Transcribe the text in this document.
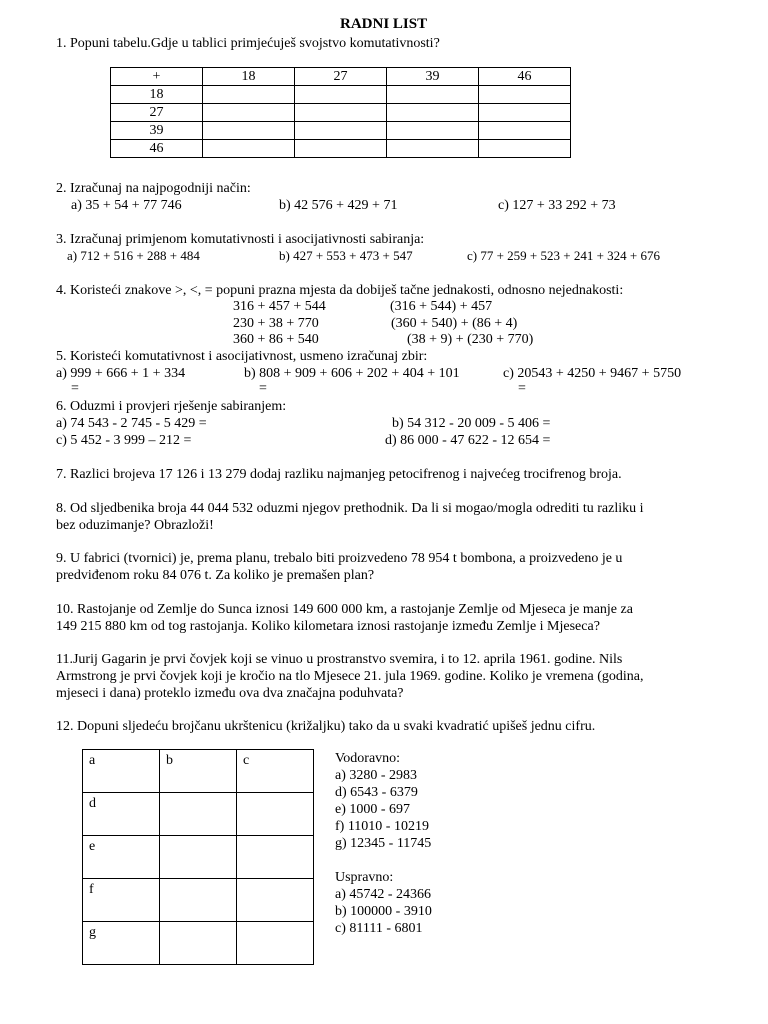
RADNI LIST
1. Popuni tabelu.Gdje u tablici primjećuješ svojstvo komutativnosti?
+	18	27	39	46
18				
27				
39				
46				
2. Izračunaj na najpogodniji način:
a) 35 + 54 + 77 746	b) 42 576 + 429 + 71	c) 127 + 33 292 + 73
3. Izračunaj primjenom komutativnosti i asocijativnosti sabiranja:
a) 712 + 516 + 288 + 484	b) 427 + 553 + 473 + 547	c) 77 + 259 + 523 + 241 + 324 + 676
4. Koristeći znakove >, <, = popuni prazna mjesta da dobiješ tačne jednakosti, odnosno nejednakosti:
316 + 457 + 544	(316 + 544) + 457
230 + 38 + 770	(360 + 540) + (86 + 4)
360 + 86 + 540	(38 + 9) + (230 + 770)
5. Koristeći komutativnost i asocijativnost, usmeno izračunaj zbir:
a) 999 + 666 + 1 + 334	b) 808 + 909 + 606 + 202 + 404 + 101	c) 20543 + 4250 + 9467 + 5750
=	=	=
6. Oduzmi i provjeri rješenje sabiranjem:
a) 74 543 - 2 745 - 5 429 =	b) 54 312 - 20 009 - 5 406 =
c) 5 452 - 3 999 – 212 =	d) 86 000 - 47 622 - 12 654 =
7. Razlici brojeva 17 126 i 13 279 dodaj razliku najmanjeg petocifrenog i najvećeg trocifrenog broja.
8. Od sljedbenika broja 44 044 532 oduzmi njegov prethodnik. Da li si mogao/mogla odrediti tu razliku i
bez oduzimanje? Obrazloži!
9. U fabrici (tvornici) je, prema planu, trebalo biti proizvedeno 78 954 t bombona, a proizvedeno je u
predviđenom roku 84 076 t. Za koliko je premašen plan?
10. Rastojanje od Zemlje do Sunca iznosi 149 600 000 km, a rastojanje Zemlje od Mjeseca je manje za
149 215 880 km od tog rastojanja. Koliko kilometara iznosi rastojanje između Zemlje i Mjeseca?
11.Jurij Gagarin je prvi čovjek koji se vinuo u prostranstvo svemira, i to 12. aprila 1961. godine. Nils
Armstrong je prvi čovjek koji je kročio na tlo Mjesece 21. jula 1969. godine. Koliko je vremena (godina,
mjeseci i dana) proteklo između ova dva značajna poduhvata?
12. Dopuni sljedeću brojčanu ukrštenicu (križaljku) tako da u svaki kvadratić upišeš jednu cifru.
a	b	c
d		
e		
f		
g		
Vodoravno:
a) 3280 - 2983
d) 6543 - 6379
e) 1000 - 697
f) 11010 - 10219
g) 12345 - 11745
Uspravno:
a) 45742 - 24366
b) 100000 - 3910
c) 81111 - 6801
